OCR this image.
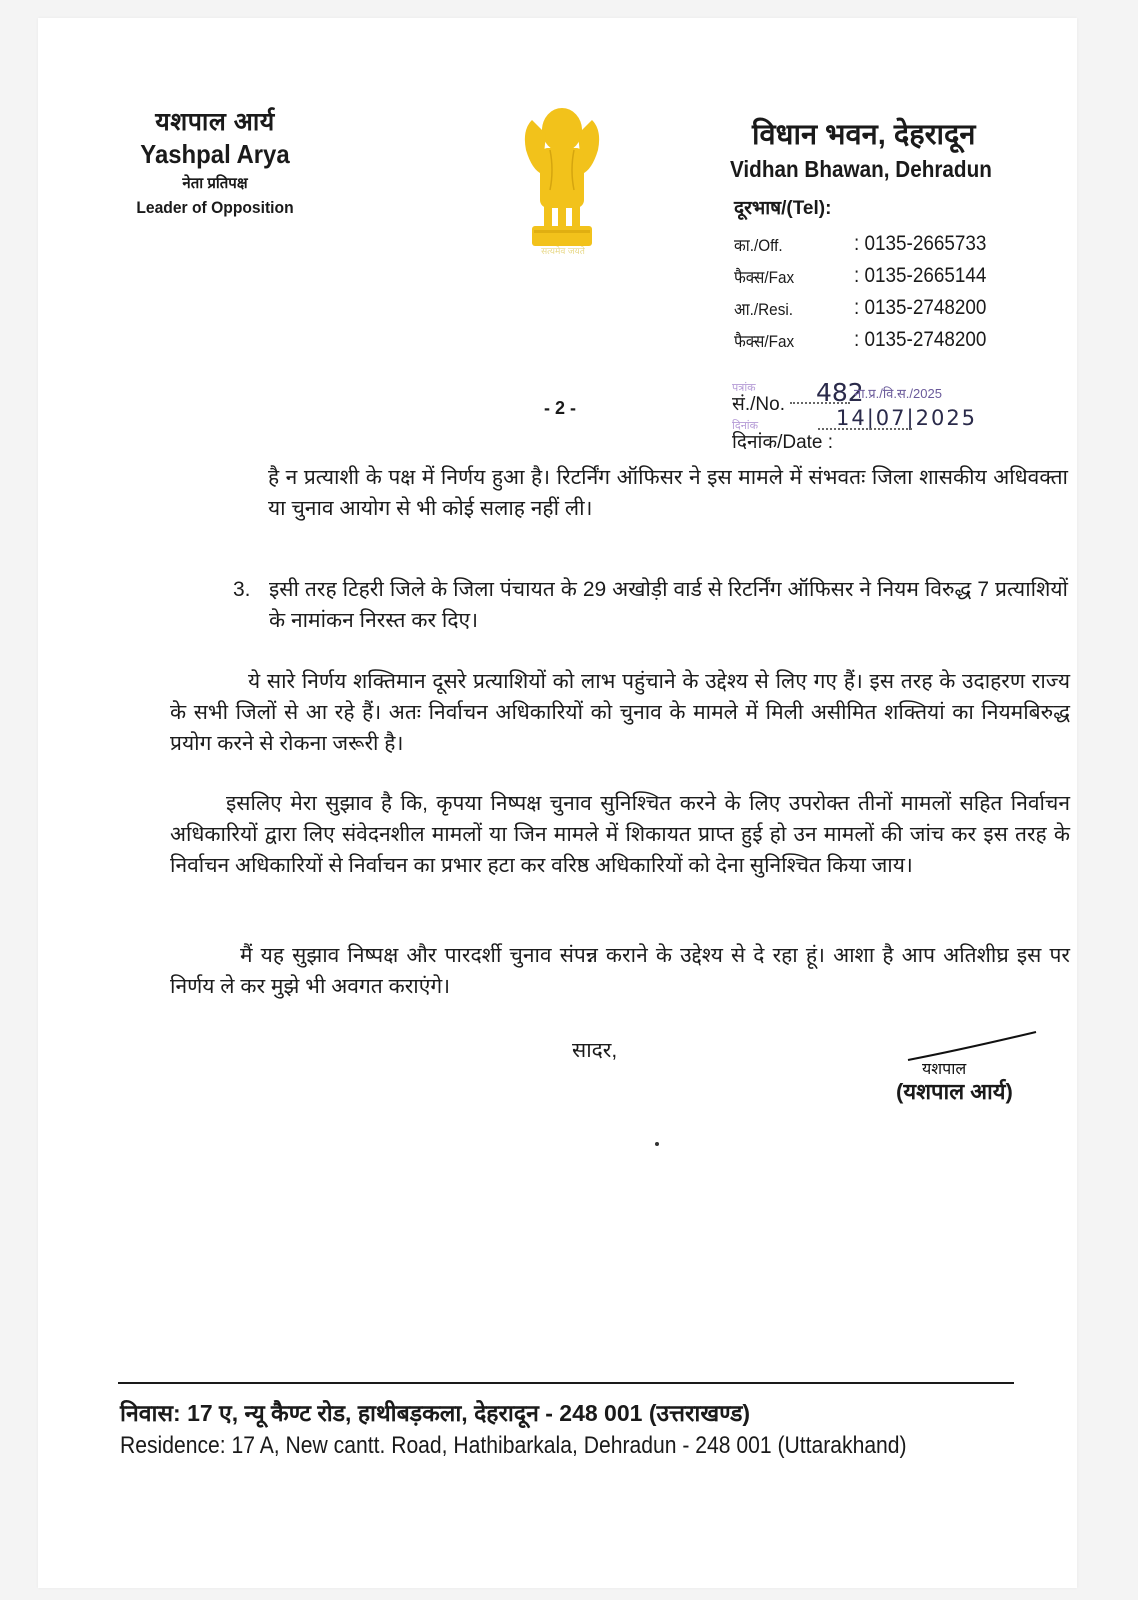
यशपाल आर्य
Yashpal Arya
नेता प्रतिपक्ष
Leader of Opposition
सत्यमेव जयते
विधान भवन, देहरादून
Vidhan Bhawan, Dehradun
दूरभाष/(Tel):
का./Off.	: 0135-2665733
फैक्स/Fax	: 0135-2665144
आ./Resi.	: 0135-2748200
फैक्स/Fax	: 0135-2748200
- 2 -
पत्रांक
सं./No. 482
ना.प्र./वि.स./2025
दिनांक	14|07|2025
दिनांक/Date :
है न प्रत्याशी के पक्ष में निर्णय हुआ है। रिटर्निंग ऑफिसर ने इस मामले में संभवतः जिला शासकीय अधिवक्ता या चुनाव आयोग से भी कोई सलाह नहीं ली।
3. इसी तरह टिहरी जिले के जिला पंचायत के 29 अखोड़ी वार्ड से रिटर्निंग ऑफिसर ने नियम विरुद्ध 7 प्रत्याशियों के नामांकन निरस्त कर दिए।
ये सारे निर्णय शक्तिमान दूसरे प्रत्याशियों को लाभ पहुंचाने के उद्देश्य से लिए गए हैं। इस तरह के उदाहरण राज्य के सभी जिलों से आ रहे हैं। अतः निर्वाचन अधिकारियों को चुनाव के मामले में मिली असीमित शक्तियां का नियमबिरुद्ध प्रयोग करने से रोकना जरूरी है।
इसलिए मेरा सुझाव है कि, कृपया निष्पक्ष चुनाव सुनिश्चित करने के लिए उपरोक्त तीनों मामलों सहित निर्वाचन अधिकारियों द्वारा लिए संवेदनशील मामलों या जिन मामले में शिकायत प्राप्त हुई हो उन मामलों की जांच कर इस तरह के निर्वाचन अधिकारियों से निर्वाचन का प्रभार हटा कर वरिष्ठ अधिकारियों को देना सुनिश्चित किया जाय।
मैं यह सुझाव निष्पक्ष और पारदर्शी चुनाव संपन्न कराने के उद्देश्य से दे रहा हूं। आशा है आप अतिशीघ्र इस पर निर्णय ले कर मुझे भी अवगत कराएंगे।
सादर,
यशपाल
(यशपाल आर्य)
निवास: 17 ए, न्यू कैण्ट रोड, हाथीबड़कला, देहरादून - 248 001 (उत्तराखण्ड)
Residence: 17 A, New cantt. Road, Hathibarkala, Dehradun - 248 001 (Uttarakhand)
